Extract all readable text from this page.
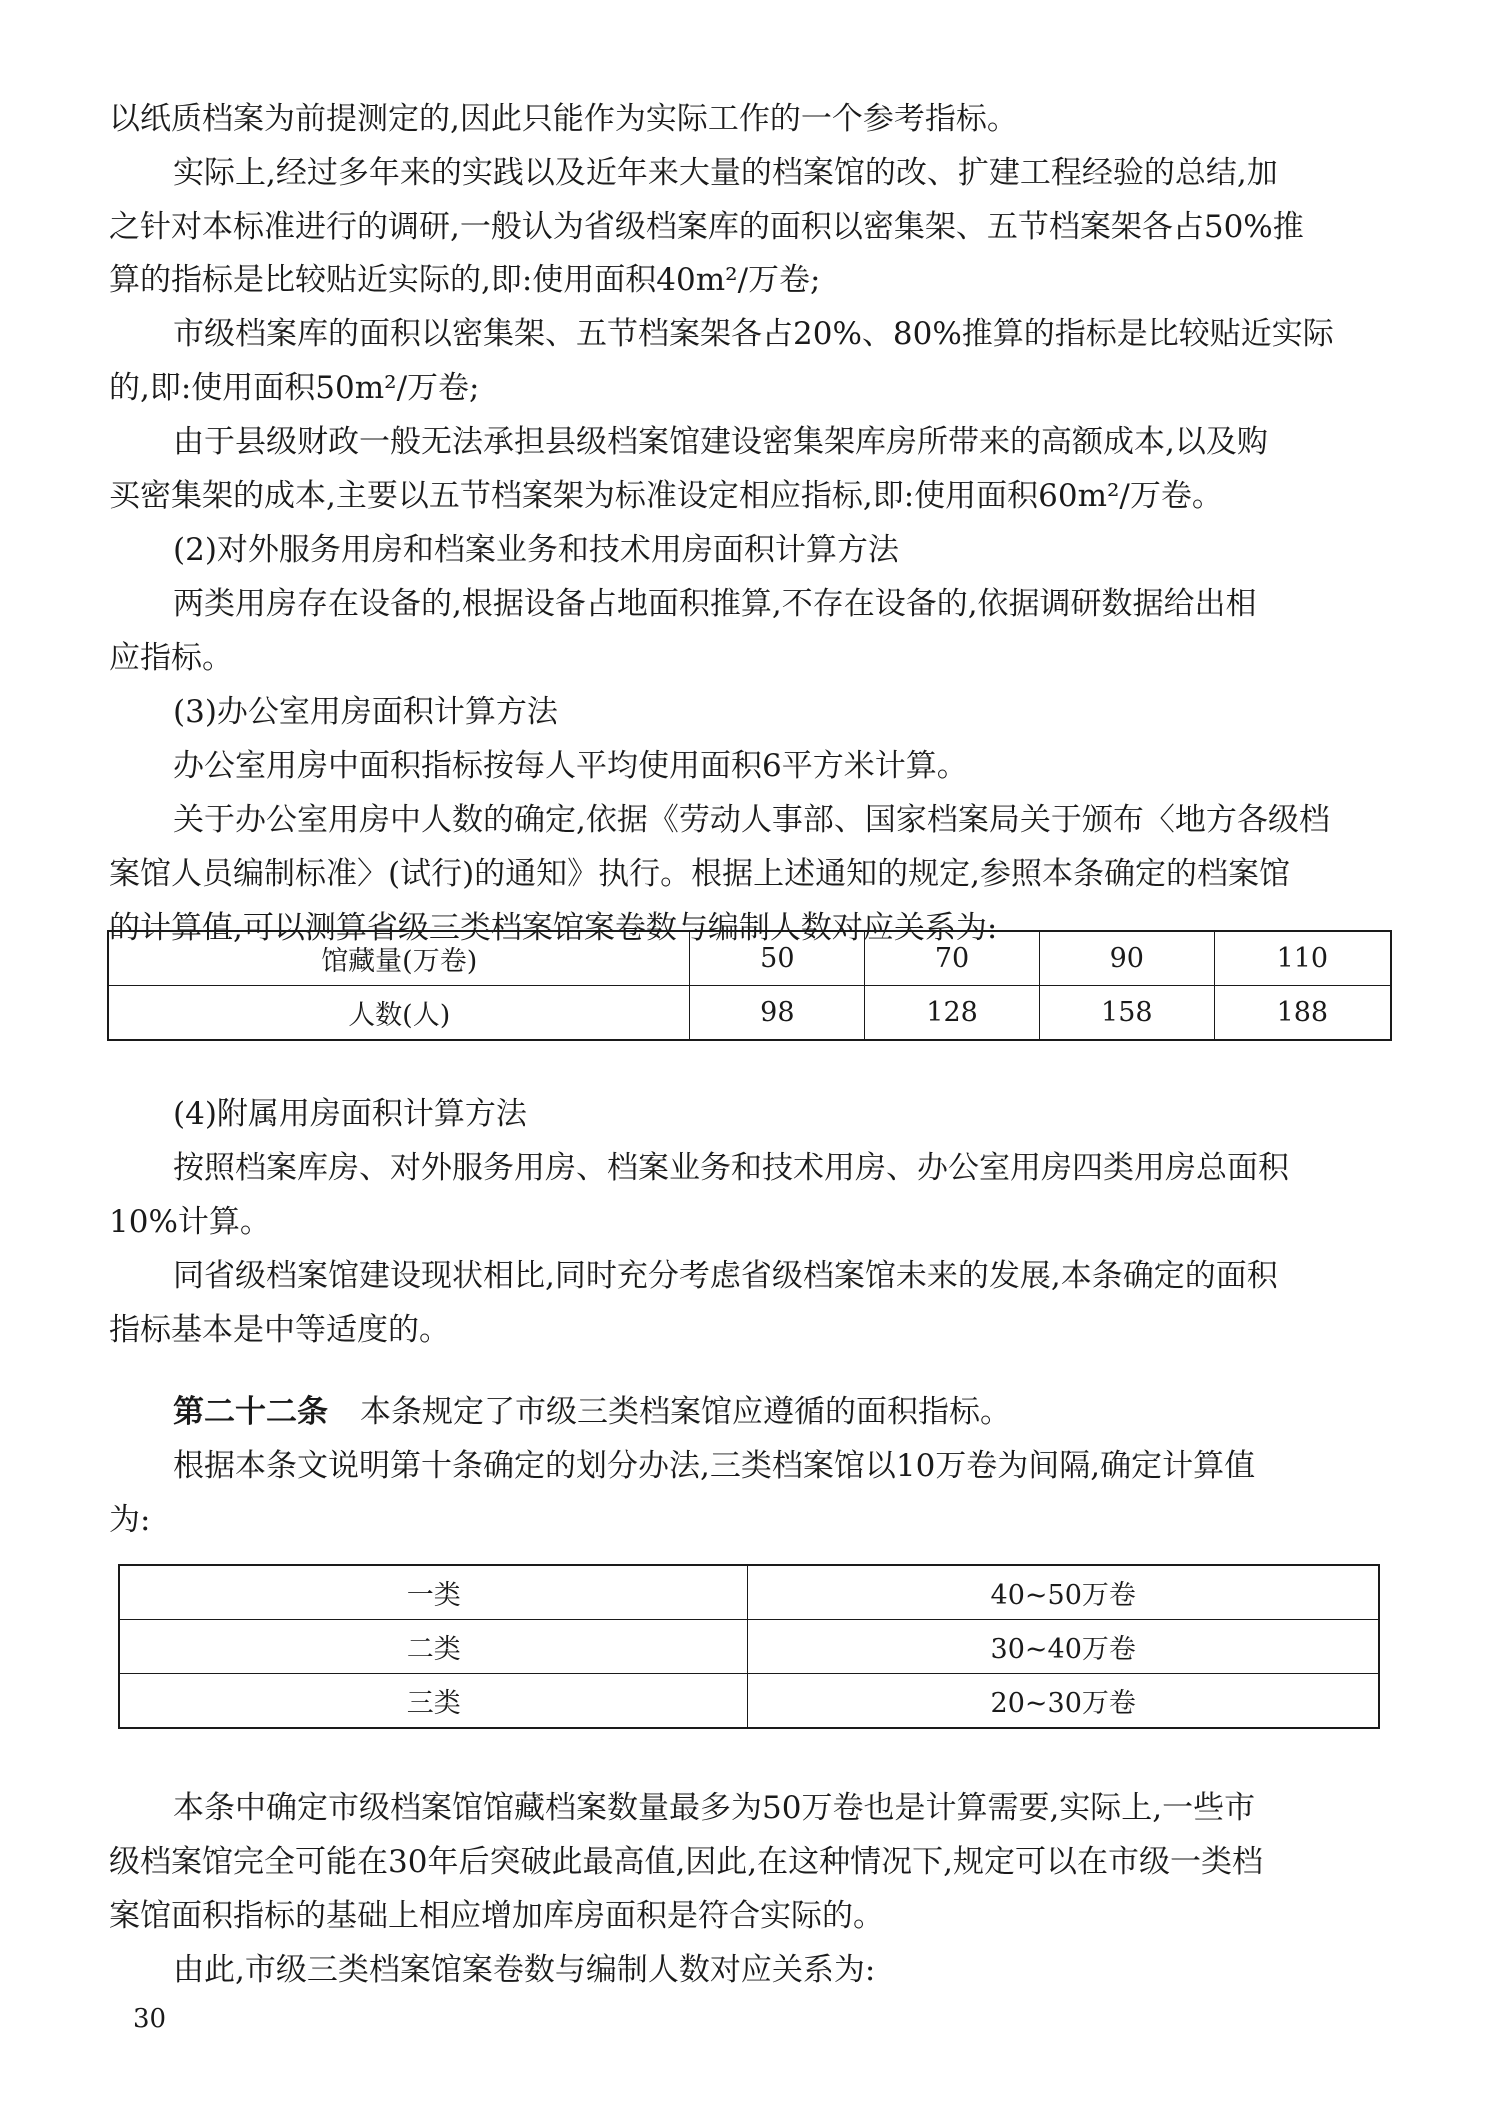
以纸质档案为前提测定的,因此只能作为实际工作的一个参考指标。
实际上,经过多年来的实践以及近年来大量的档案馆的改、扩建工程经验的总结,加
之针对本标准进行的调研,一般认为省级档案库的面积以密集架、五节档案架各占50%推
算的指标是比较贴近实际的,即:使用面积40m²/万卷;
市级档案库的面积以密集架、五节档案架各占20%、80%推算的指标是比较贴近实际
的,即:使用面积50m²/万卷;
由于县级财政一般无法承担县级档案馆建设密集架库房所带来的高额成本,以及购
买密集架的成本,主要以五节档案架为标准设定相应指标,即:使用面积60m²/万卷。
(2)对外服务用房和档案业务和技术用房面积计算方法
两类用房存在设备的,根据设备占地面积推算,不存在设备的,依据调研数据给出相
应指标。
(3)办公室用房面积计算方法
办公室用房中面积指标按每人平均使用面积6平方米计算。
关于办公室用房中人数的确定,依据《劳动人事部、国家档案局关于颁布〈地方各级档
案馆人员编制标准〉(试行)的通知》执行。根据上述通知的规定,参照本条确定的档案馆
的计算值,可以测算省级三类档案馆案卷数与编制人数对应关系为:
馆藏量(万卷)	50	70	90	110
人数(人)	98	128	158	188
(4)附属用房面积计算方法
按照档案库房、对外服务用房、档案业务和技术用房、办公室用房四类用房总面积
10%计算。
同省级档案馆建设现状相比,同时充分考虑省级档案馆未来的发展,本条确定的面积
指标基本是中等适度的。
第二十二条 本条规定了市级三类档案馆应遵循的面积指标。
根据本条文说明第十条确定的划分办法,三类档案馆以10万卷为间隔,确定计算值
为:
一类	40~50万卷
二类	30~40万卷
三类	20~30万卷
本条中确定市级档案馆馆藏档案数量最多为50万卷也是计算需要,实际上,一些市
级档案馆完全可能在30年后突破此最高值,因此,在这种情况下,规定可以在市级一类档
案馆面积指标的基础上相应增加库房面积是符合实际的。
由此,市级三类档案馆案卷数与编制人数对应关系为:
30
